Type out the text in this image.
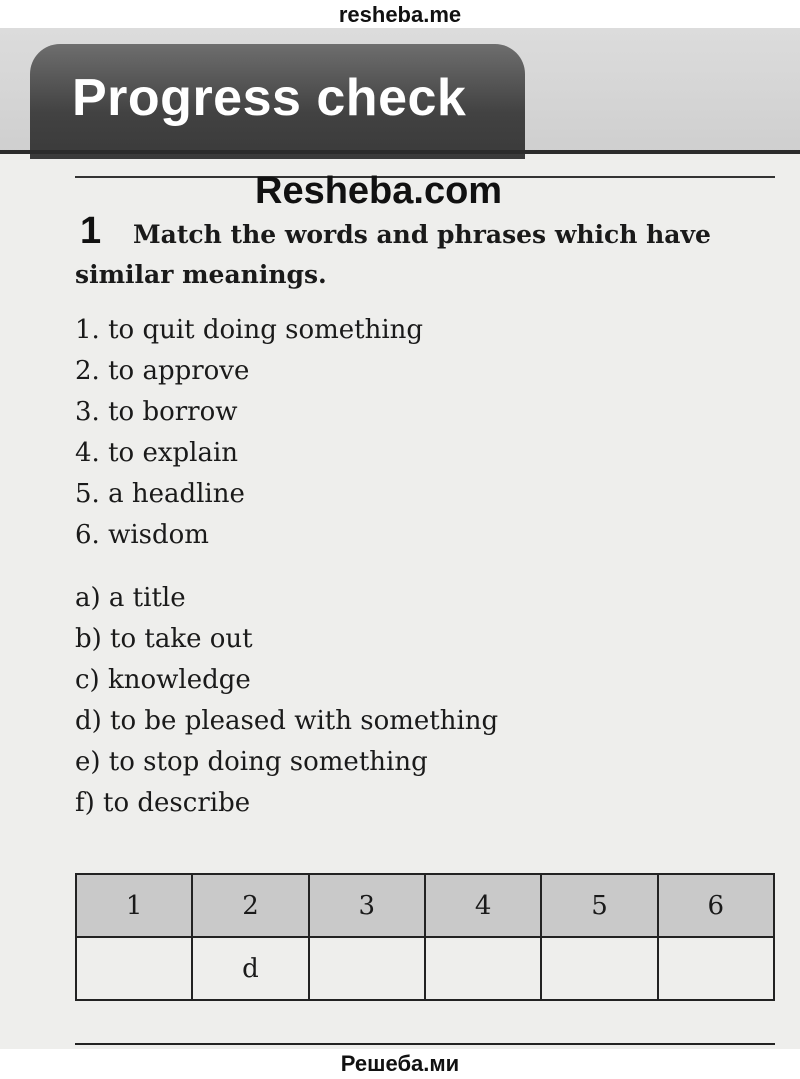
resheba.me
Progress check
Resheba.com
1	Match the words and phrases which have similar meanings.
1. to quit doing something
2. to approve
3. to borrow
4. to explain
5. a headline
6. wisdom
a) a title
b) to take out
c) knowledge
d) to be pleased with something
e) to stop doing something
f) to describe
1	2	3	4	5	6
	d				
Решеба.ми
